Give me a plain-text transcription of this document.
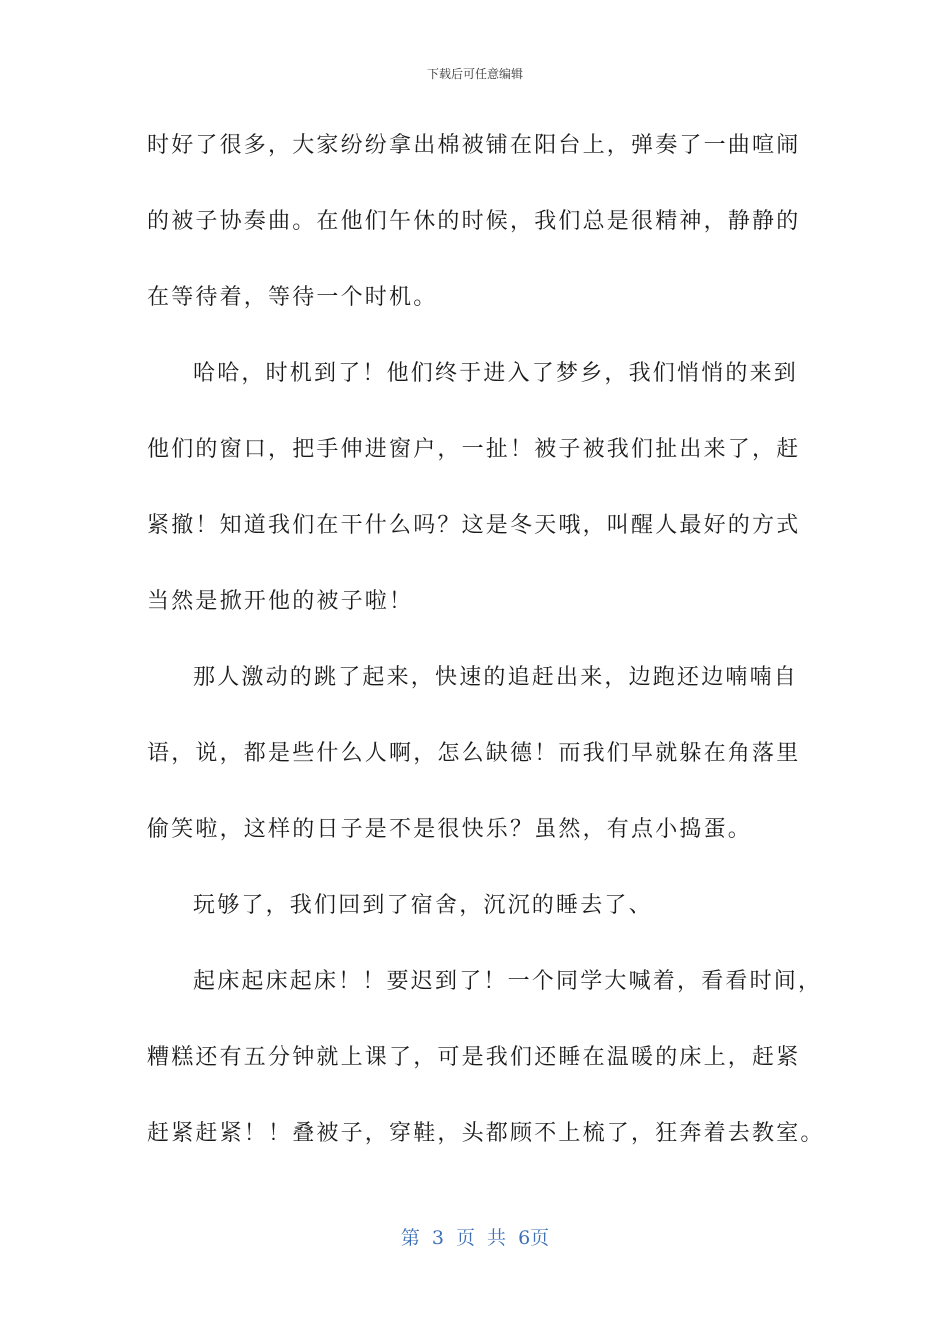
下载后可任意编辑
时好了很多，大家纷纷拿出棉被铺在阳台上，弹奏了一曲喧闹
的被子协奏曲。在他们午休的时候，我们总是很精神，静静的
在等待着，等待一个时机。
哈哈，时机到了！他们终于进入了梦乡，我们悄悄的来到
他们的窗口，把手伸进窗户，一扯！被子被我们扯出来了，赶
紧撤！知道我们在干什么吗？这是冬天哦，叫醒人最好的方式
当然是掀开他的被子啦！
那人激动的跳了起来，快速的追赶出来，边跑还边喃喃自
语，说，都是些什么人啊，怎么缺德！而我们早就躲在角落里
偷笑啦，这样的日子是不是很快乐？虽然，有点小捣蛋。
玩够了，我们回到了宿舍，沉沉的睡去了、
起床起床起床！！要迟到了！一个同学大喊着，看看时间，
糟糕还有五分钟就上课了，可是我们还睡在温暖的床上，赶紧
赶紧赶紧！！叠被子，穿鞋，头都顾不上梳了，狂奔着去教室。
第 3 页 共 6页
